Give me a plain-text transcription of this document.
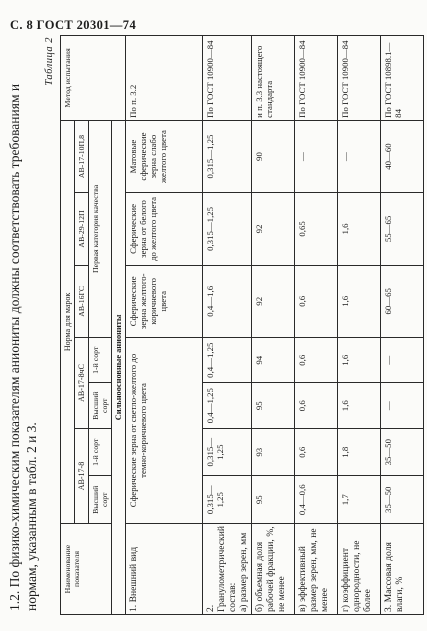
С. 8 ГОСТ 20301—74
1.2. По физико-химическим показателям аниониты должны соответствовать требованиям и нормам, указанным в табл. 2 и 3.
Таблица 2
Наименование показателя	Норма для марок							Метод испытания
	АВ-17-8		АВ-17-8чС		АВ-16ГС	АВ-29-12П	АВ-17-10П,8	
	Высший сорт	1-й сорт	Высший сорт	1-й сорт	Первая категория качества			
Сильноосновные аниониты								
1. Внешний вид	Сферические зерна от светло-желтого до темно-коричневого цвета				Сферические зерна желтого-коричневого цвета	Сферические зерна от белого до желтого цвета	Матовые сферические зерна слабо желтого цвета	По п. 3.2
2. Гранулометрический состав:
а) размер зерен, мм	0,315—1,25	0,315—1,25	0,4—1,25	0,4—1,25	0,4—1,6	0,315—1,25	0,315—1,25	По ГОСТ 10900—84
б) объемная доля рабочей фракции, %, не менее	95	93	95	94	92	92	90	и п. 3.3 настоящего стандарта
в) эффективный размер зерен, мм, не менее	0,4—0,6	0,6	0,6	0,6	0,6	0,65	—	По ГОСТ 10900—84
г) коэффициент однородности, не более	1,7	1,8	1,6	1,6	1,6	1,6	—	По ГОСТ 10900—84
3. Массовая доля влаги, %	35—50	35—50	—	—	60—65	55—65	40—60	По ГОСТ 10898.1—84
